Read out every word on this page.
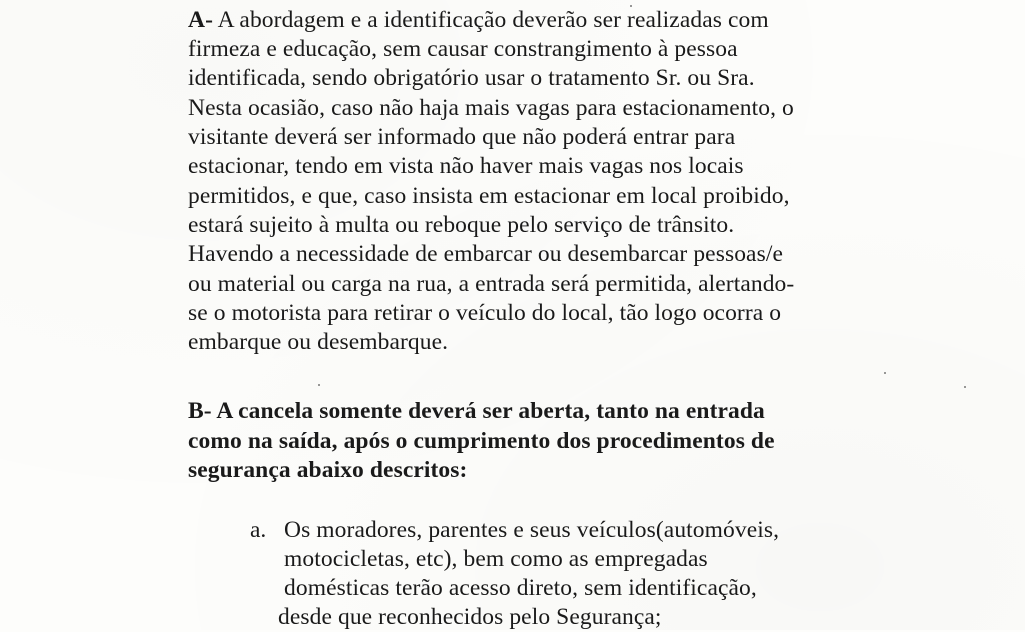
A- A abordagem e a identificação deverão ser realizadas com
firmeza e educação, sem causar constrangimento à pessoa
identificada, sendo obrigatório usar o tratamento Sr. ou Sra.
Nesta ocasião, caso não haja mais vagas para estacionamento, o
visitante deverá ser informado que não poderá entrar para
estacionar, tendo em vista não haver mais vagas nos locais
permitidos, e que, caso insista em estacionar em local proibido,
estará sujeito à multa ou reboque pelo serviço de trânsito.
Havendo a necessidade de embarcar ou desembarcar pessoas/e
ou material ou carga na rua, a entrada será permitida, alertando-
se o motorista para retirar o veículo do local, tão logo ocorra o
embarque ou desembarque.
B- A cancela somente deverá ser aberta, tanto na entrada
como na saída, após o cumprimento dos procedimentos de
segurança abaixo descritos:
a. Os moradores, parentes e seus veículos(automóveis,
motocicletas, etc), bem como as empregadas
domésticas terão acesso direto, sem identificação,
desde que reconhecidos pelo Segurança;
